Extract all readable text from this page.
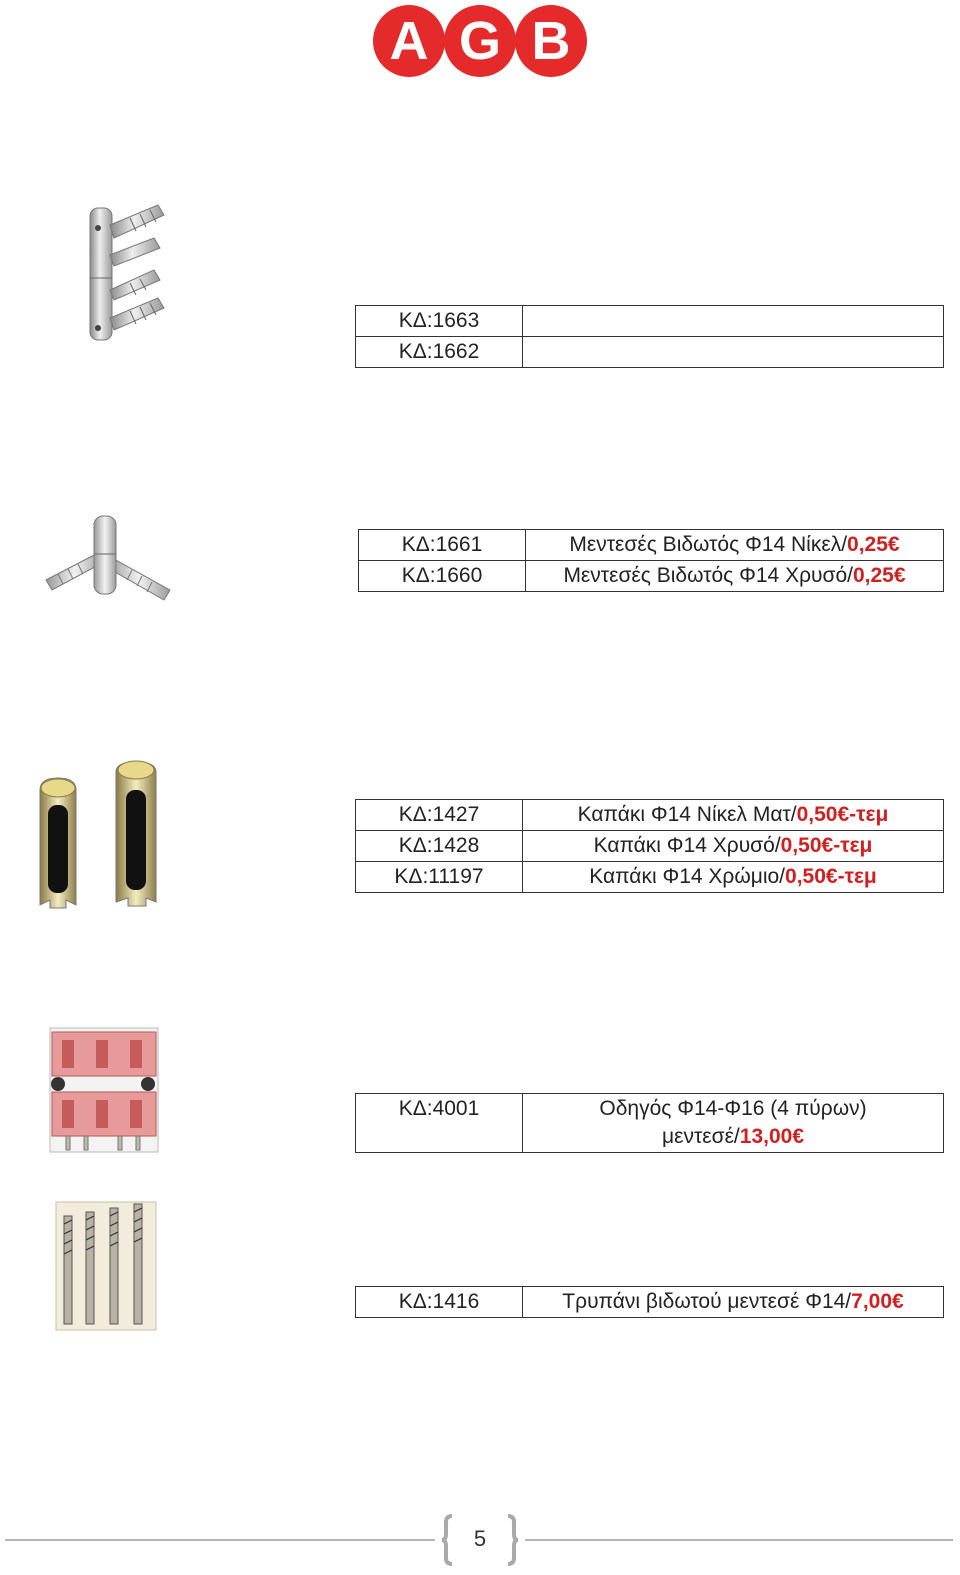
A G B
ΚΔ:1663	
ΚΔ:1662	
ΚΔ:1661	Μεντεσές Βιδωτός Φ14 Νίκελ/0,25€
ΚΔ:1660	Μεντεσές Βιδωτός Φ14 Χρυσό/0,25€
ΚΔ:1427	Καπάκι Φ14 Νίκελ Ματ/0,50€-τεμ
ΚΔ:1428	Καπάκι Φ14 Χρυσό/0,50€-τεμ
ΚΔ:11197	Καπάκι Φ14 Χρώμιο/0,50€-τεμ
ΚΔ:4001	Οδηγός Φ14-Φ16 (4 πύρων)
μεντεσέ/13,00€
ΚΔ:1416	Τρυπάνι βιδωτού μεντεσέ Φ14/7,00€
5
